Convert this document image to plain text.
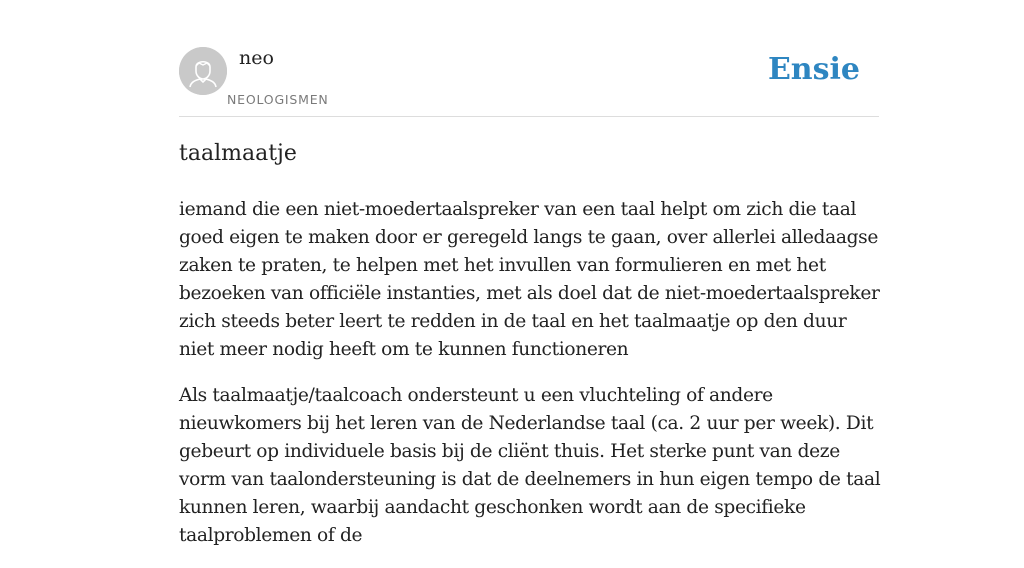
neo
NEOLOGISMEN
Ensie
taalmaatje

iemand die een niet-moedertaalspreker van een taal helpt om zich die taal goed eigen te maken door er geregeld langs te gaan, over allerlei alledaagse zaken te praten, te helpen met het invullen van formulieren en met het bezoeken van officiële instanties, met als doel dat de niet-moedertaalspreker zich steeds beter leert te redden in de taal en het taalmaatje op den duur niet meer nodig heeft om te kunnen functioneren

Als taalmaatje/taalcoach ondersteunt u een vluchteling of andere nieuwkomers bij het leren van de Nederlandse taal (ca. 2 uur per week). Dit gebeurt op individuele basis bij de cliënt thuis. Het sterke punt van deze vorm van taalondersteuning is dat de deelnemers in hun eigen tempo de taal kunnen leren, waarbij aandacht geschonken wordt aan de specifieke taalproblemen of de
